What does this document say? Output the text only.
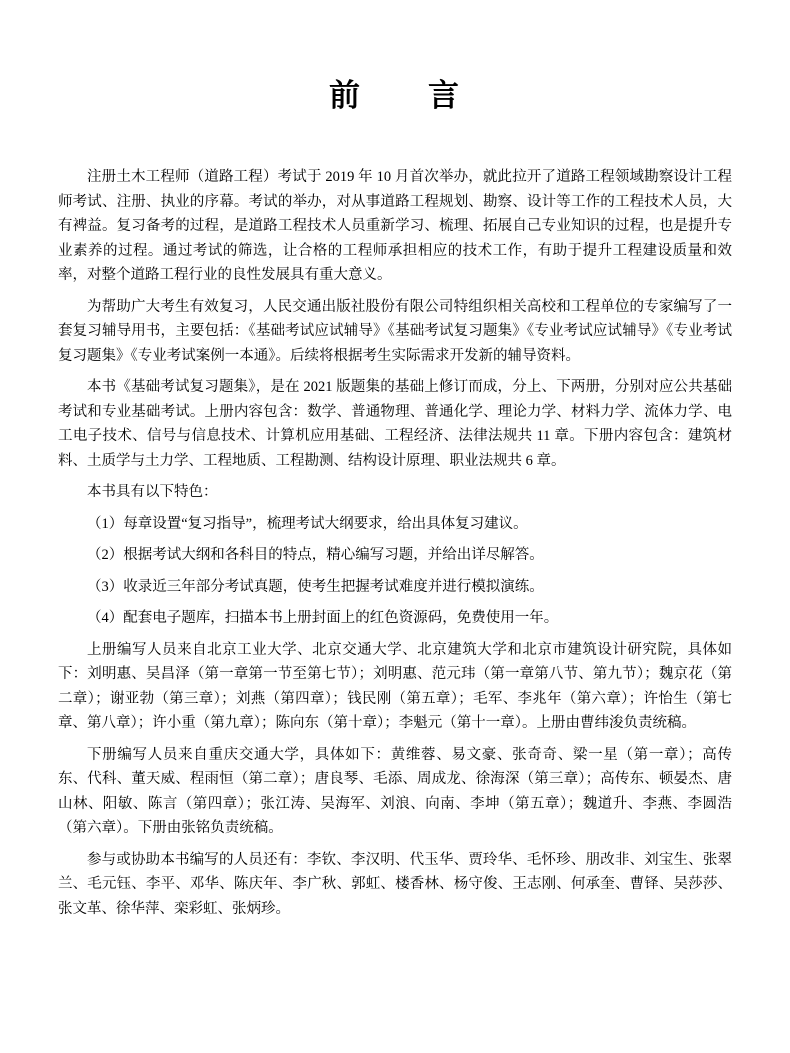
前　　言

注册土木工程师（道路工程）考试于 2019 年 10 月首次举办，就此拉开了道路工程领域勘察设计工程师考试、注册、执业的序幕。考试的举办，对从事道路工程规划、勘察、设计等工作的工程技术人员，大有裨益。复习备考的过程，是道路工程技术人员重新学习、梳理、拓展自己专业知识的过程，也是提升专业素养的过程。通过考试的筛选，让合格的工程师承担相应的技术工作，有助于提升工程建设质量和效率，对整个道路工程行业的良性发展具有重大意义。

为帮助广大考生有效复习，人民交通出版社股份有限公司特组织相关高校和工程单位的专家编写了一套复习辅导用书，主要包括：《基础考试应试辅导》《基础考试复习题集》《专业考试应试辅导》《专业考试复习题集》《专业考试案例一本通》。后续将根据考生实际需求开发新的辅导资料。

本书《基础考试复习题集》，是在 2021 版题集的基础上修订而成，分上、下两册，分别对应公共基础考试和专业基础考试。上册内容包含：数学、普通物理、普通化学、理论力学、材料力学、流体力学、电工电子技术、信号与信息技术、计算机应用基础、工程经济、法律法规共 11 章。下册内容包含：建筑材料、土质学与土力学、工程地质、工程勘测、结构设计原理、职业法规共 6 章。

本书具有以下特色：

（1）每章设置“复习指导”，梳理考试大纲要求，给出具体复习建议。

（2）根据考试大纲和各科目的特点，精心编写习题，并给出详尽解答。

（3）收录近三年部分考试真题，使考生把握考试难度并进行模拟演练。

（4）配套电子题库，扫描本书上册封面上的红色资源码，免费使用一年。

上册编写人员来自北京工业大学、北京交通大学、北京建筑大学和北京市建筑设计研究院，具体如下：刘明惠、吴昌泽（第一章第一节至第七节）；刘明惠、范元玮（第一章第八节、第九节）；魏京花（第二章）；谢亚勃（第三章）；刘燕（第四章）；钱民刚（第五章）；毛军、李兆年（第六章）；许怡生（第七章、第八章）；许小重（第九章）；陈向东（第十章）；李魁元（第十一章）。上册由曹纬浚负责统稿。

下册编写人员来自重庆交通大学，具体如下：黄维蓉、易文豪、张奇奇、梁一星（第一章）；高传东、代科、董天威、程雨恒（第二章）；唐良琴、毛添、周成龙、徐海深（第三章）；高传东、顿晏杰、唐山林、阳敏、陈言（第四章）；张江涛、吴海军、刘浪、向南、李坤（第五章）；魏道升、李燕、李圆浩（第六章）。下册由张铭负责统稿。

参与或协助本书编写的人员还有：李钦、李汉明、代玉华、贾玲华、毛怀珍、朋改非、刘宝生、张翠兰、毛元钰、李平、邓华、陈庆年、李广秋、郭虹、楼香林、杨守俊、王志刚、何承奎、曹铎、吴莎莎、张文革、徐华萍、栾彩虹、张炳珍。
